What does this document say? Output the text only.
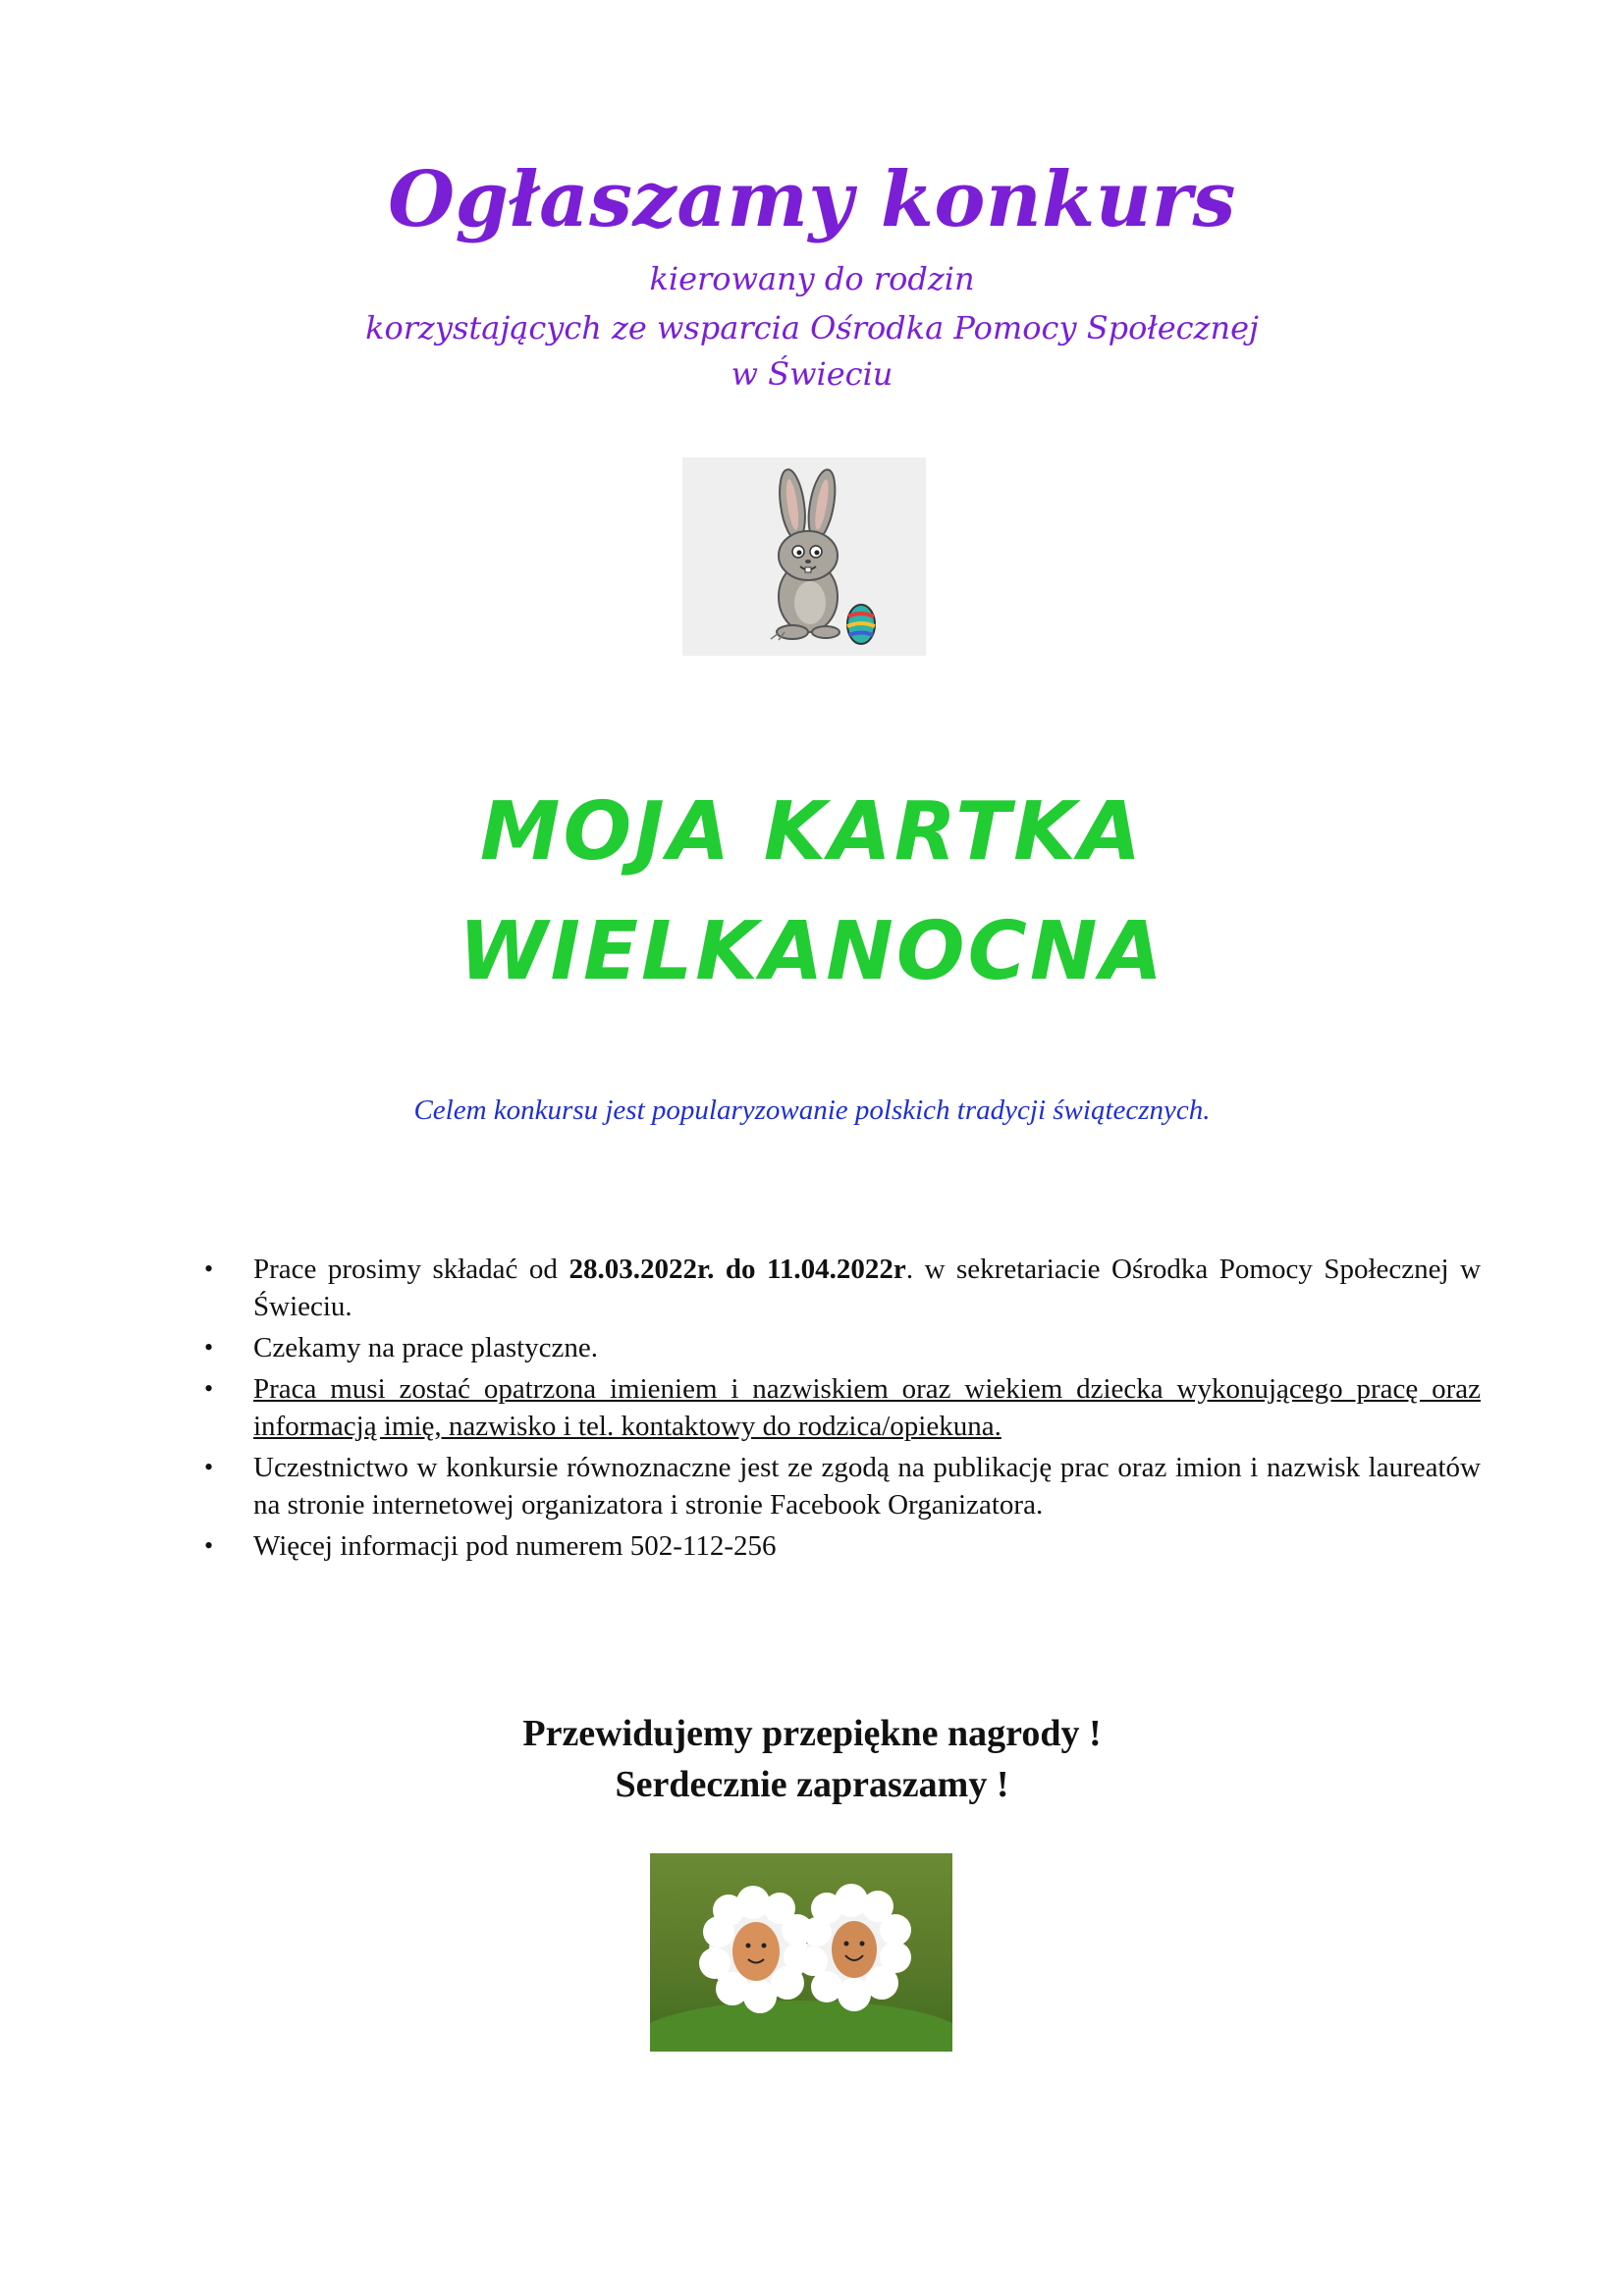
Ogłaszamy konkurs
kierowany do rodzin
korzystających ze wsparcia Ośrodka Pomocy Społecznej
w Świeciu
MOJA KARTKA
WIELKANOCNA
Celem konkursu jest popularyzowanie polskich tradycji świątecznych.
• Prace prosimy składać od 28.03.2022r. do 11.04.2022r. w sekretariacie Ośrodka Pomocy Społecznej w Świeciu.
• Czekamy na prace plastyczne.
• Praca musi zostać opatrzona imieniem i nazwiskiem oraz wiekiem dziecka wykonującego pracę oraz informacją imię, nazwisko i tel. kontaktowy do rodzica/opiekuna.
• Uczestnictwo w konkursie równoznaczne jest ze zgodą na publikację prac oraz imion i nazwisk laureatów na stronie internetowej organizatora i stronie Facebook Organizatora.
• Więcej informacji pod numerem 502-112-256
Przewidujemy przepiękne nagrody !
Serdecznie zapraszamy !
